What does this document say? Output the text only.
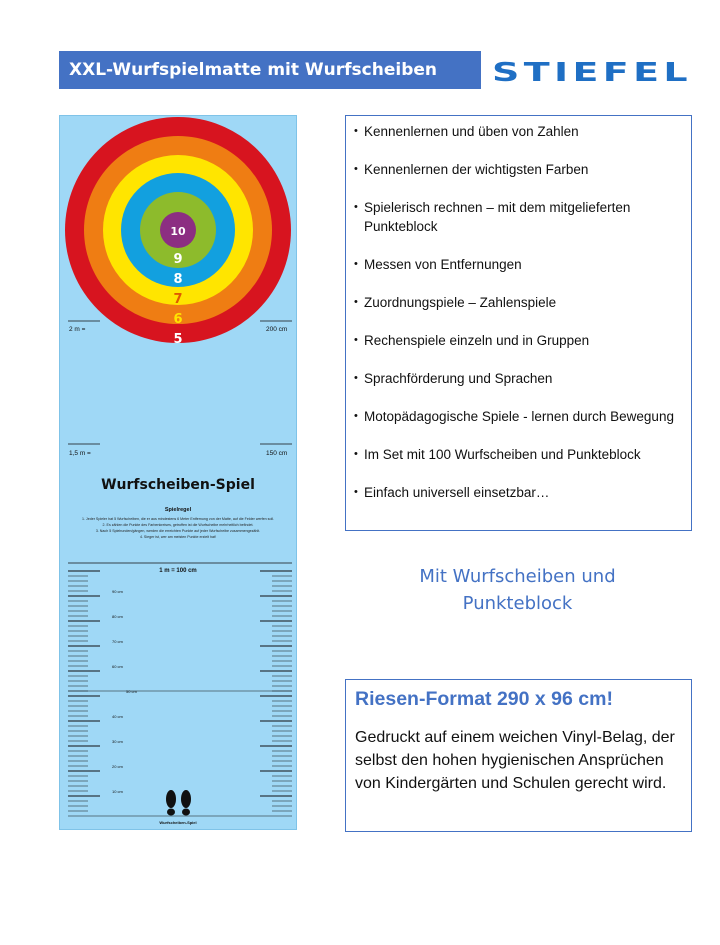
XXL-Wurfspielmatte mit Wurfscheiben	STIEFEL
10
9
8
7
6
5
2 m =	200 cm
1,5 m =	150 cm
Wurfscheiben-Spiel
Spielregel
1. Jeder Spieler hat 5 Wurfscheiben, die er aus mindestens 6 Meter Entfernung von der Matte, auf die Felder werfen soll.
2. Es zählen die Punkte des Farbenkreises, getroffen ist die Wurfscheibe mehrheitlich befindet.
3. Nach 5 Spielrunden/gängen, werden die erreichten Punkte auf jeder Wurfscheibe zusammengezählt.
4. Sieger ist, wer am meisten Punkte erzielt hat!
1 m = 100 cm
90 cm
80 cm
70 cm
60 cm
50 cm
40 cm
30 cm
20 cm
10 cm
Wurfscheiben-Spiel
• Kennenlernen und üben von Zahlen
• Kennenlernen der wichtigsten Farben
• Spielerisch rechnen – mit dem mitgelieferten Punkteblock
• Messen von Entfernungen
• Zuordnungspiele – Zahlenspiele
• Rechenspiele einzeln und in Gruppen
• Sprachförderung und Sprachen
• Motopädagogische Spiele - lernen durch Bewegung
• Im Set mit 100 Wurfscheiben und Punkteblock
• Einfach universell einsetzbar…
Mit Wurfscheiben und
Punkteblock
Riesen-Format 290 x 96 cm!
Gedruckt auf einem weichen Vinyl-Belag, der selbst den hohen hygienischen Ansprüchen von Kindergärten und Schulen gerecht wird.
